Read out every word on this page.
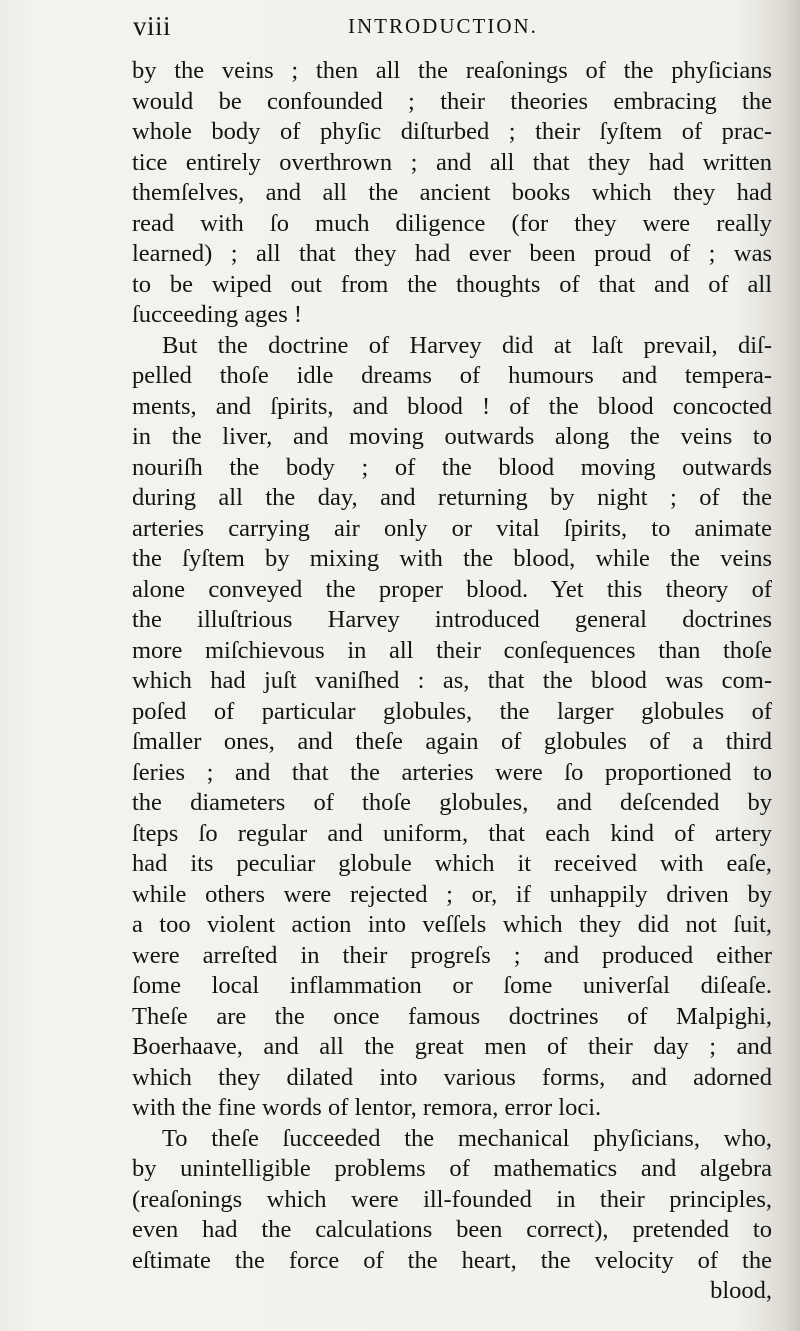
viii	INTRODUCTION.
by the veins ; then all the reaſonings of the phyſicians
would be confounded ; their theories embracing the
whole body of phyſic diſturbed ; their ſyſtem of prac-
tice entirely overthrown ; and all that they had written
themſelves, and all the ancient books which they had
read with ſo much diligence (for they were really
learned) ; all that they had ever been proud of ; was
to be wiped out from the thoughts of that and of all
ſucceeding ages !
But the doctrine of Harvey did at laſt prevail, diſ-
pelled thoſe idle dreams of humours and tempera-
ments, and ſpirits, and blood ! of the blood concocted
in the liver, and moving outwards along the veins to
nouriſh the body ; of the blood moving outwards
during all the day, and returning by night ; of the
arteries carrying air only or vital ſpirits, to animate
the ſyſtem by mixing with the blood, while the veins
alone conveyed the proper blood. Yet this theory of
the illuſtrious Harvey introduced general doctrines
more miſchievous in all their conſequences than thoſe
which had juſt vaniſhed : as, that the blood was com-
poſed of particular globules, the larger globules of
ſmaller ones, and theſe again of globules of a third
ſeries ; and that the arteries were ſo proportioned to
the diameters of thoſe globules, and deſcended by
ſteps ſo regular and uniform, that each kind of artery
had its peculiar globule which it received with eaſe,
while others were rejected ; or, if unhappily driven by
a too violent action into veſſels which they did not ſuit,
were arreſted in their progreſs ; and produced either
ſome local inflammation or ſome univerſal diſeaſe.
Theſe are the once famous doctrines of Malpighi,
Boerhaave, and all the great men of their day ; and
which they dilated into various forms, and adorned
with the fine words of lentor, remora, error loci.
To theſe ſucceeded the mechanical phyſicians, who,
by unintelligible problems of mathematics and algebra
(reaſonings which were ill-founded in their principles,
even had the calculations been correct), pretended to
eſtimate the force of the heart, the velocity of the
blood,
